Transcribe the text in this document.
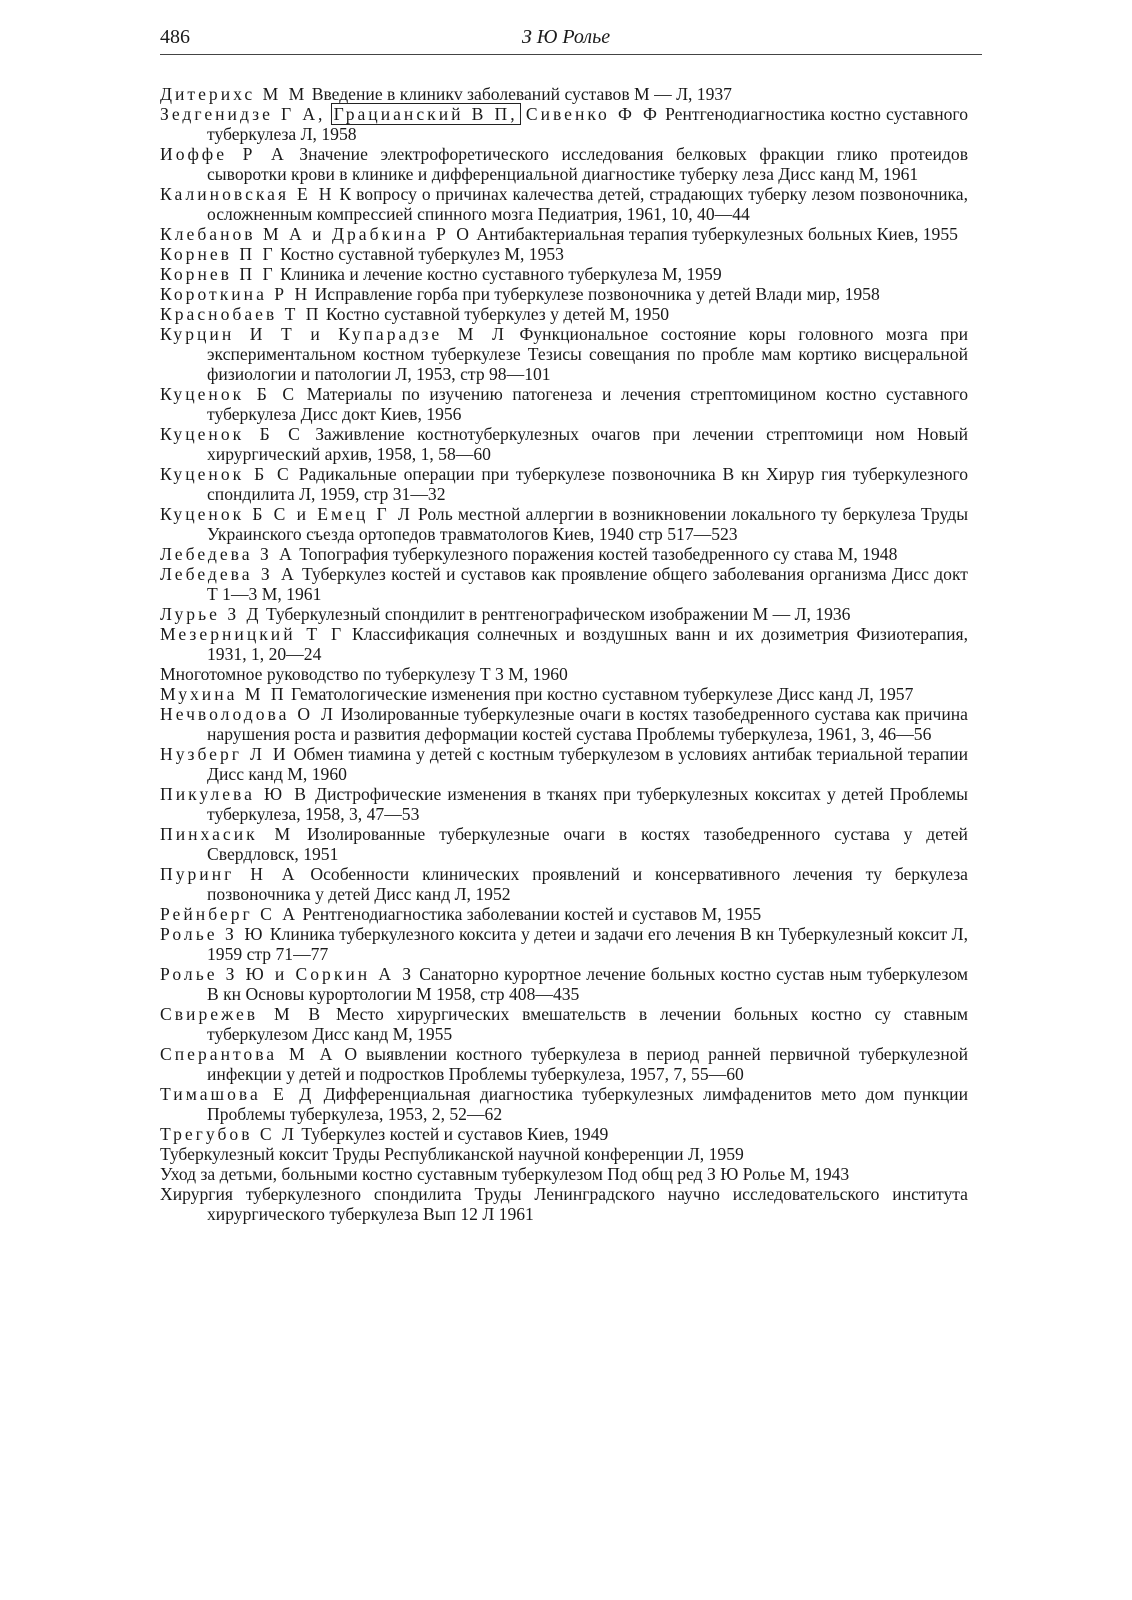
486	З Ю Ролье

Дитерихс М М Введение в клиникv заболеваний суставов М — Л, 1937

Зедгенидзе Г А, Грацианский В П, Сивенко Ф Ф Рентгенодиагностика костно суставного туберкулеза Л, 1958

Иоффе Р А Значение электрофоретического исследования белковых фракции глико протеидов сыворотки крови в клинике и дифференциальной диагностике туберку леза Дисс канд М, 1961

Калиновская Е Н К вопросу о причинах калечества детей, страдающих туберку лезом позвоночника, осложненным компрессией спинного мозга Педиатрия, 1961, 10, 40—44

Клебанов М А и Драбкина Р О Антибактериальная терапия туберкулезных больных Киев, 1955

Корнев П Г Костно суставной туберкулез М, 1953

Корнев П Г Клиника и лечение костно суставного туберкулеза М, 1959

Короткина Р Н Исправление горба при туберкулезе позвоночника у детей Влади мир, 1958

Краснобаев Т П Костно суставной туберкулез у детей М, 1950

Курцин И Т и Купарадзе М Л Функциональное состояние коры головного мозга при экспериментальном костном туберкулезе Тезисы совещания по пробле мам кортико висцеральной физиологии и патологии Л, 1953, стр 98—101

Куценок Б С Материалы по изучению патогенеза и лечения стрептомицином костно суставного туберкулеза Дисс докт Киев, 1956

Куценок Б С Заживление костнотуберкулезных очагов при лечении стрептомици ном Новый хирургический архив, 1958, 1, 58—60

Куценок Б С Радикальные операции при туберкулезе позвоночника В кн Хирур гия туберкулезного спондилита Л, 1959, стр 31—32

Куценок Б С и Емец Г Л Роль местной аллергии в возникновении локального ту беркулеза Труды Украинского съезда ортопедов травматологов Киев, 1940 стр 517—523

Лебедева З А Топография туберкулезного поражения костей тазобедренного су става М, 1948

Лебедева З А Туберкулез костей и суставов как проявление общего заболевания организма Дисс докт Т 1—3 М, 1961

Лурье З Д Туберкулезный спондилит в рентгенографическом изображении М — Л, 1936

Мезерницкий Т Г Классификация солнечных и воздушных ванн и их дозиметрия Физиотерапия, 1931, 1, 20—24

Многотомное руководство по туберкулезу Т 3 М, 1960

Мухина М П Гематологические изменения при костно суставном туберкулезе Дисс канд Л, 1957

Нечволодова О Л Изолированные туберкулезные очаги в костях тазобедренного сустава как причина нарушения роста и развития деформации костей сустава Проблемы туберкулеза, 1961, 3, 46—56

Нузберг Л И Обмен тиамина у детей с костным туберкулезом в условиях антибак териальной терапии Дисс канд М, 1960

Пикулева Ю В Дистрофические изменения в тканях при туберкулезных кокситах у детей Проблемы туберкулеза, 1958, 3, 47—53

Пинхасик М Изолированные туберкулезные очаги в костях тазобедренного сустава у детей Свердловск, 1951

Пуринг Н А Особенности клинических проявлений и консервативного лечения ту беркулеза позвоночника у детей Дисс канд Л, 1952

Рейнберг С А Рентгенодиагностика заболевании костей и суставов М, 1955

Ролье З Ю Клиника туберкулезного коксита у детеи и задачи его лечения В кн Туберкулезный коксит Л, 1959 стр 71—77

Ролье З Ю и Соркин А З Санаторно курортное лечение больных костно сустав ным туберкулезом В кн Основы курортологии М 1958, стр 408—435

Свирежев М В Место хирургических вмешательств в лечении больных костно су ставным туберкулезом Дисс канд М, 1955

Сперантова М А О выявлении костного туберкулеза в период ранней первичной туберкулезной инфекции у детей и подростков Проблемы туберкулеза, 1957, 7, 55—60

Тимашова Е Д Дифференциальная диагностика туберкулезных лимфаденитов мето дом пункции Проблемы туберкулеза, 1953, 2, 52—62

Трегубов С Л Туберкулез костей и суставов Киев, 1949

Туберкулезный коксит Труды Республиканской научной конференции Л, 1959

Уход за детьми, больными костно суставным туберкулезом Под общ ред З Ю Ролье М, 1943

Хирургия туберкулезного спондилита Труды Ленинградского научно исследовательского института хирургического туберкулеза Вып 12 Л 1961
